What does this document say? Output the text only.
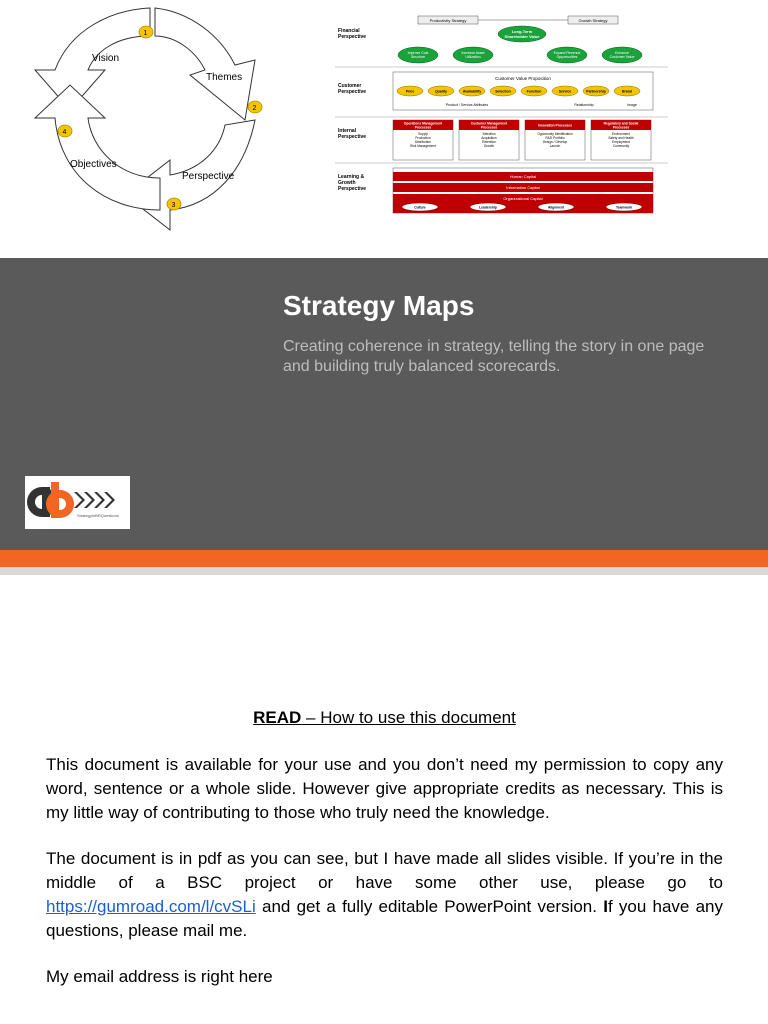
Vision
Themes
Perspective
Objectives
1
2
3
4
Financial Perspective
Customer Perspective
Internal Perspective
Learning & Growth Perspective
Productivity Strategy	Growth Strategy
Long-Term Shareholder Value
Improve Cost Structure
Increase Asset Utilization
Expand Revenue Opportunities
Enhance Customer Value
Customer Value Proposition
Price	Quality	Availability	Selection	Function	Service	Partnership	Brand
Product / Service Attributes	Relationship	Image
Operations Management Processes
Supply Production Distribution Risk Management
Customer Management Processes
Selection Acquisition Retention Growth
Innovation Processes
Opportunity Identification R&D Portfolio Design / Develop Launch
Regulatory and Social Processes
Environment Safety and Health Employment Community
Human Capital
Information Capital
Organizational Capital
Culture	Leadership	Alignment	Teamwork
Strategy Maps
Creating coherence in strategy, telling the story in one page and building truly balanced scorecards.
StrategyInBRQuestions
READ – How to use this document

This document is available for your use and you don’t need my permission to copy any word, sentence or a whole slide. However give appropriate credits as necessary. This is my little way of contributing to those who truly need the knowledge.

The document is in pdf as you can see, but I have made all slides visible. If you’re in the middle of a BSC project or have some other use, please go to https://gumroad.com/l/cvSLi and get a fully editable PowerPoint version. If you have any questions, please mail me.

My email address is right here
